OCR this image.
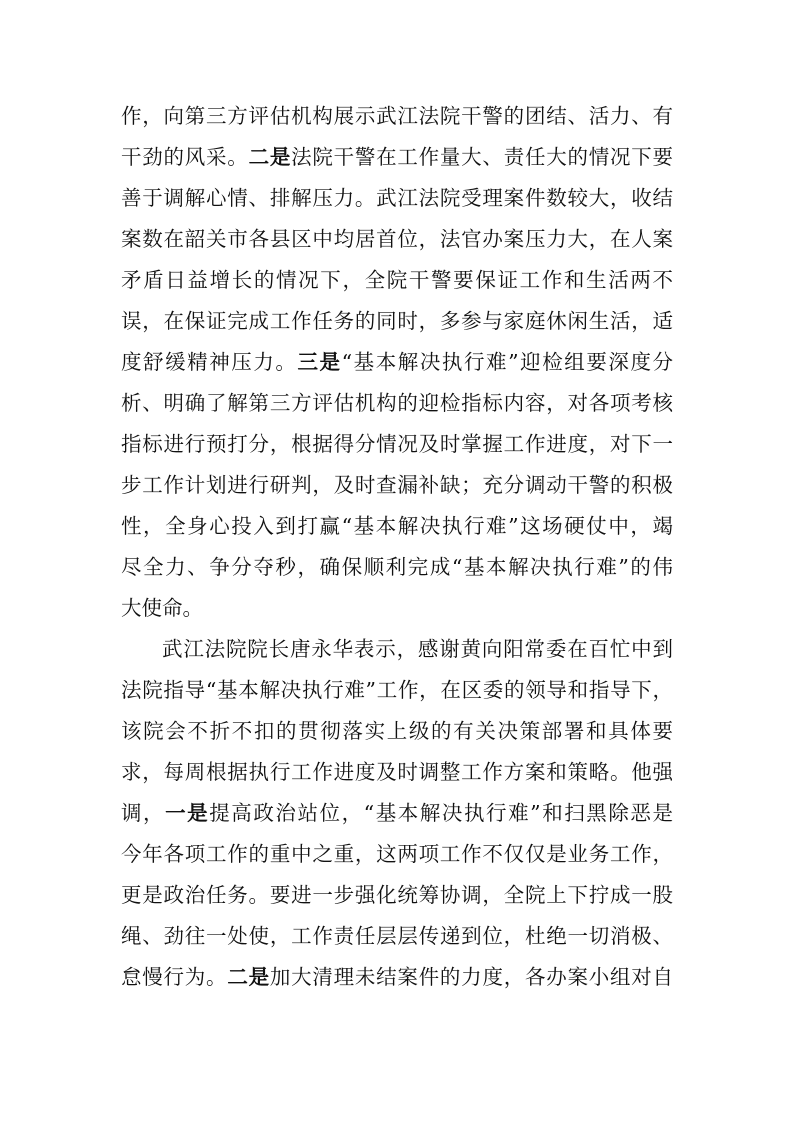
作，向第三方评估机构展示武江法院干警的团结、活力、有
干劲的风采。二是法院干警在工作量大、责任大的情况下要
善于调解心情、排解压力。武江法院受理案件数较大，收结
案数在韶关市各县区中均居首位，法官办案压力大，在人案
矛盾日益增长的情况下，全院干警要保证工作和生活两不
误，在保证完成工作任务的同时，多参与家庭休闲生活，适
度舒缓精神压力。三是“基本解决执行难”迎检组要深度分
析、明确了解第三方评估机构的迎检指标内容，对各项考核
指标进行预打分，根据得分情况及时掌握工作进度，对下一
步工作计划进行研判，及时查漏补缺；充分调动干警的积极
性，全身心投入到打赢“基本解决执行难”这场硬仗中，竭
尽全力、争分夺秒，确保顺利完成“基本解决执行难”的伟
大使命。
武江法院院长唐永华表示，感谢黄向阳常委在百忙中到
法院指导“基本解决执行难”工作，在区委的领导和指导下，
该院会不折不扣的贯彻落实上级的有关决策部署和具体要
求，每周根据执行工作进度及时调整工作方案和策略。他强
调，一是提高政治站位，“基本解决执行难”和扫黑除恶是
今年各项工作的重中之重，这两项工作不仅仅是业务工作，
更是政治任务。要进一步强化统筹协调，全院上下拧成一股
绳、劲往一处使，工作责任层层传递到位，杜绝一切消极、
怠慢行为。二是加大清理未结案件的力度，各办案小组对自
